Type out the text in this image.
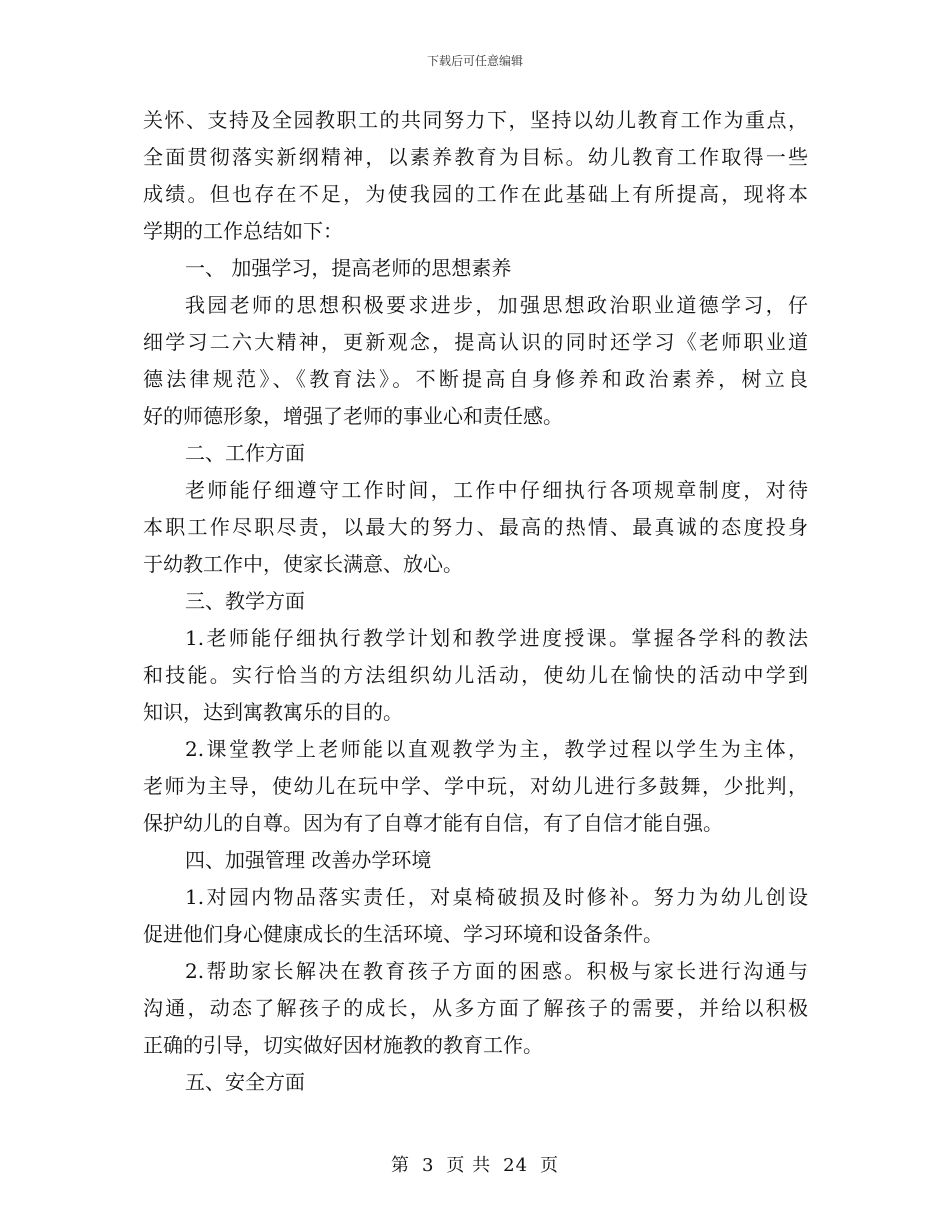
下载后可任意编辑
关怀、支持及全园教职工的共同努力下，坚持以幼儿教育工作为重点，
全面贯彻落实新纲精神，以素养教育为目标。幼儿教育工作取得一些
成绩。但也存在不足，为使我园的工作在此基础上有所提高，现将本
学期的工作总结如下：
一、 加强学习，提高老师的思想素养
我园老师的思想积极要求进步，加强思想政治职业道德学习，仔
细学习二六大精神，更新观念，提高认识的同时还学习《老师职业道
德法律规范》、《教育法》。不断提高自身修养和政治素养，树立良
好的师德形象，增强了老师的事业心和责任感。
二、工作方面
老师能仔细遵守工作时间，工作中仔细执行各项规章制度，对待
本职工作尽职尽责，以最大的努力、最高的热情、最真诚的态度投身
于幼教工作中，使家长满意、放心。
三、教学方面
1.老师能仔细执行教学计划和教学进度授课。掌握各学科的教法
和技能。实行恰当的方法组织幼儿活动，使幼儿在愉快的活动中学到
知识，达到寓教寓乐的目的。
2.课堂教学上老师能以直观教学为主，教学过程以学生为主体，
老师为主导，使幼儿在玩中学、学中玩，对幼儿进行多鼓舞，少批判，
保护幼儿的自尊。因为有了自尊才能有自信，有了自信才能自强。
四、加强管理 改善办学环境
1.对园内物品落实责任，对桌椅破损及时修补。努力为幼儿创设
促进他们身心健康成长的生活环境、学习环境和设备条件。
2.帮助家长解决在教育孩子方面的困惑。积极与家长进行沟通与
沟通，动态了解孩子的成长，从多方面了解孩子的需要，并给以积极
正确的引导，切实做好因材施教的教育工作。
五、安全方面
第 3 页 共 24 页
